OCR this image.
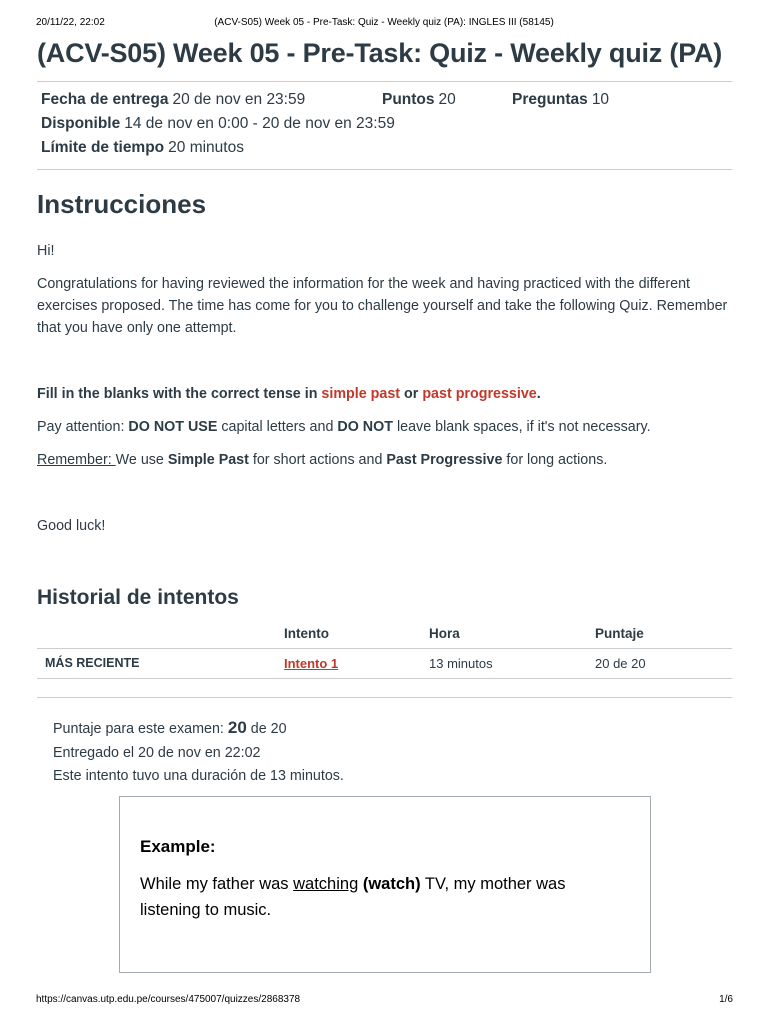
20/11/22, 22:02	(ACV-S05) Week 05 - Pre-Task: Quiz - Weekly quiz (PA): INGLES III (58145)
(ACV-S05) Week 05 - Pre-Task: Quiz - Weekly quiz (PA)
Fecha de entrega 20 de nov en 23:59	Puntos 20	Preguntas 10
Disponible 14 de nov en 0:00 - 20 de nov en 23:59
Límite de tiempo 20 minutos
Instrucciones

Hi!

Congratulations for having reviewed the information for the week and having practiced with the different exercises proposed. The time has come for you to challenge yourself and take the following Quiz. Remember that you have only one attempt.

Fill in the blanks with the correct tense in simple past or past progressive.

Pay attention: DO NOT USE capital letters and DO NOT leave blank spaces, if it's not necessary.

Remember: We use Simple Past for short actions and Past Progressive for long actions.

Good luck!

Historial de intentos
	Intento	Hora	Puntaje
MÁS RECIENTE	Intento 1	13 minutos	20 de 20
Puntaje para este examen: 20 de 20
Entregado el 20 de nov en 22:02
Este intento tuvo una duración de 13 minutos.
Example:
While my father was watching (watch) TV, my mother was listening to music.
https://canvas.utp.edu.pe/courses/475007/quizzes/2868378	1/6
